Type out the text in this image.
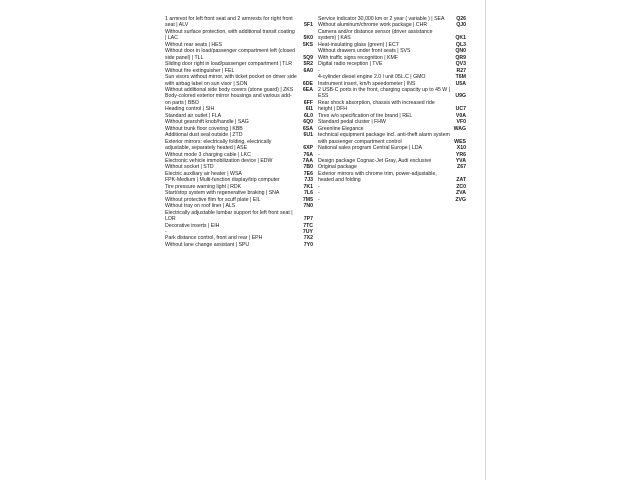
1 armrest for left front seat and 2 armrests for right front seat | ALV	5F1
Without surface protection, with additional transit coating | LAC	5K0
Without rear seats | HES	5KS
Without door in load/passenger compartment left (closed side panel) | TLL	5Q9
Sliding door right in load/passenger compartment | TLR	5R2
Without fire extinguisher | FEL	6A0
Sun visors without mirror, with ticket pocket on driver side with airbag label on sun visor | SON	6DE
Without additional side body covers (stone guard) | ZKS	6EA
Body-colored exterior mirror housings and various add-on parts | BBO	6FF
Heading control | SIH	6I1
Standard air outlet | FLA	6L0
Without gearshift knob/handle | SAG	6Q0
Without trunk floor covering | KBB	6SA
Additional dust seal outside | ZTD	6U1
Exterior mirrors: electrically folding, electrically adjustable, separately heated | ASE	6XP
Without mode 3 charging cable | LKC	76A
Electronic vehicle immobilization device | EDW	7AA
Without socket | STD	7B0
Electric auxiliary air heater | WSA	7E6
FPK-Medium | Multi-function display/trip computer	7J3
Tire pressure warning light | RDK	7K1
Start/stop system with regenerative braking | SNA	7L6
Without protective film for scuff plate | EIL	7M5
Without tray on roof liner | ALS	7N0
Electrically adjustable lumbar support for left front seat | LOR	7P7
Decorative inserts | EIH	7TC
-	7UY
Park distance control, front and rear | EPH	7X2
Without lane change assistant | SPU	7Y0
Service indicator 30,000 km or 2 year ( variable ) | SEA	Q26
Without aluminum/chrome work package | CHR	QJ0
Camera and/or distance sensor (driver assistance system) | KAS	QK1
Heat-insulating glass (green) | ECT	QL3
Without drawers under front seats | SVS	QN0
With traffic signs recognition | KMF	QR9
Digital radio reception | TVE	QV3
-	R27
4-cylinder diesel engine 2.0 l unit 05L.C | GMO	T6M
Instrument insert, km/h speedometer | INS	U5A
2 USB-C ports in the front, charging capacity up to 45 W | ESS	U9G
Rear shock absorption, chassis with increased ride height | DFH	UC7
Tires w/o specification of tire brand | REL	V0A
Standard pedal cluster | FHW	VF0
Greenline Elegance	WAG
technical equipment package incl. anti-theft alarm system with passenger compartment control	WES
National sales program Central Europe | LDA	X10
-	YR6
Design package Cognac-Jet Gray, Audi exclusive	YVA
Original package	Z67
Exterior mirrors with chrome trim, power-adjustable, heated and folding	ZAT
-	ZC0
-	ZVA
-	ZVG
